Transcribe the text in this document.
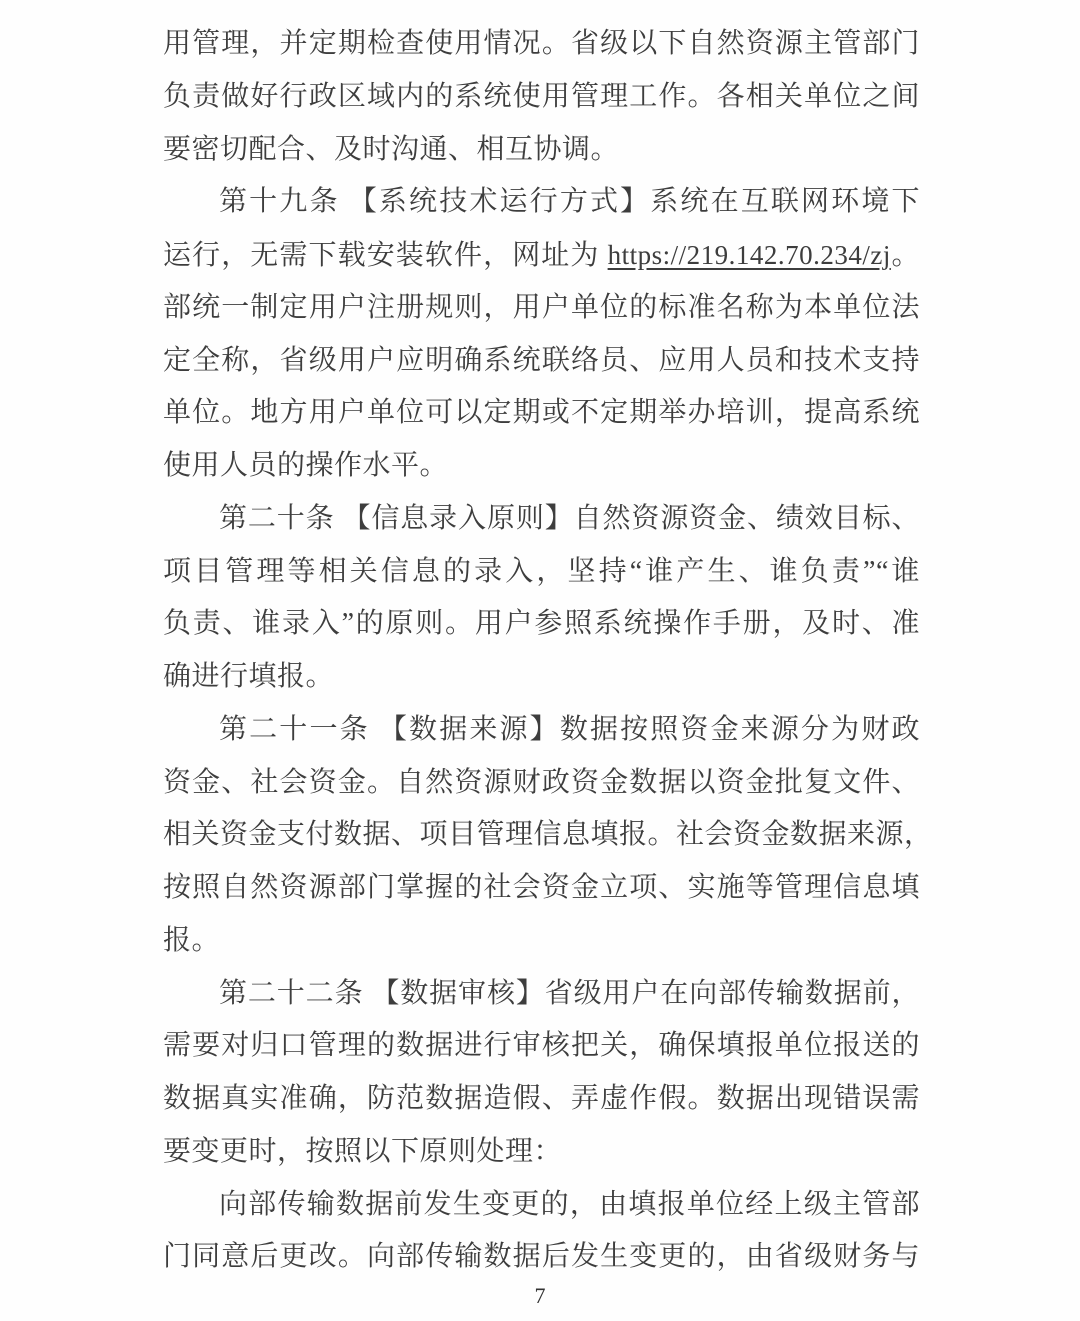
用管理，并定期检查使用情况。省级以下自然资源主管部门
负责做好行政区域内的系统使用管理工作。各相关单位之间
要密切配合、及时沟通、相互协调。
第十九条 【系统技术运行方式】系统在互联网环境下
运行，无需下载安装软件，网址为 https://219.142.70.234/zj。
部统一制定用户注册规则，用户单位的标准名称为本单位法
定全称，省级用户应明确系统联络员、应用人员和技术支持
单位。地方用户单位可以定期或不定期举办培训，提高系统
使用人员的操作水平。
第二十条 【信息录入原则】自然资源资金、绩效目标、
项目管理等相关信息的录入，坚持“谁产生、谁负责”“谁
负责、谁录入”的原则。用户参照系统操作手册，及时、准
确进行填报。
第二十一条 【数据来源】数据按照资金来源分为财政
资金、社会资金。自然资源财政资金数据以资金批复文件、
相关资金支付数据、项目管理信息填报。社会资金数据来源，
按照自然资源部门掌握的社会资金立项、实施等管理信息填
报。
第二十二条 【数据审核】省级用户在向部传输数据前，
需要对归口管理的数据进行审核把关，确保填报单位报送的
数据真实准确，防范数据造假、弄虚作假。数据出现错误需
要变更时，按照以下原则处理：
向部传输数据前发生变更的，由填报单位经上级主管部
门同意后更改。向部传输数据后发生变更的，由省级财务与
7
